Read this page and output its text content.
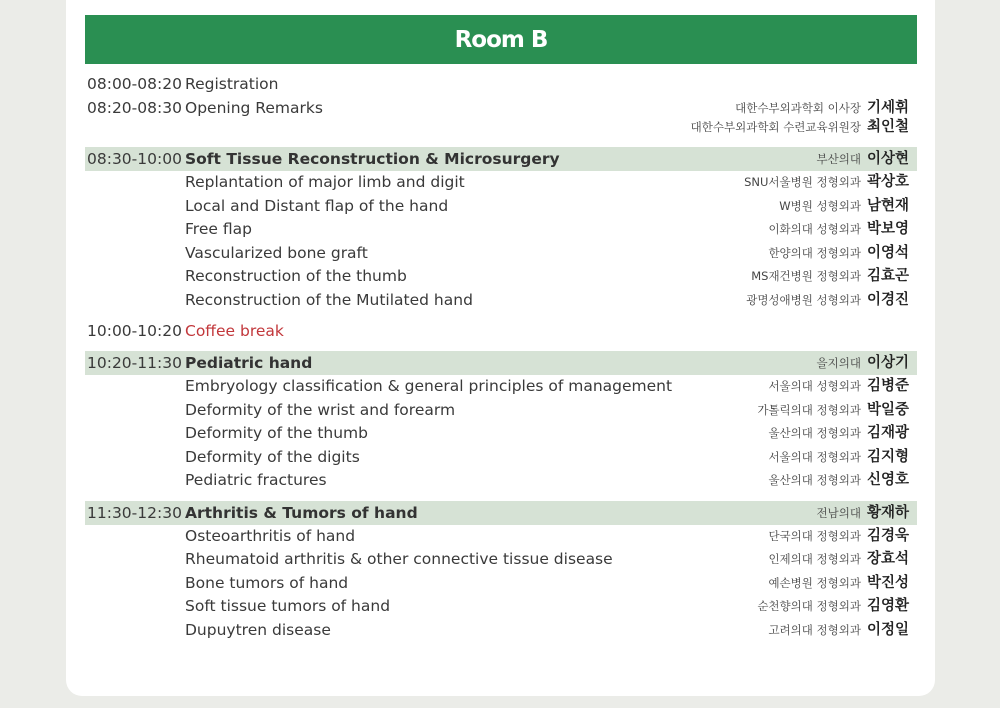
Room B
08:00-08:20 Registration
08:20-08:30 Opening Remarks	대한수부외과학회 이사장 기세휘
대한수부외과학회 수련교육위원장 최인철
08:30-10:00 Soft Tissue Reconstruction & Microsurgery	부산의대 이상현
Replantation of major limb and digit	SNU서울병원 정형외과 곽상호
Local and Distant flap of the hand	W병원 성형외과 남현재
Free flap	이화의대 성형외과 박보영
Vascularized bone graft	한양의대 정형외과 이영석
Reconstruction of the thumb	MS재건병원 정형외과 김효곤
Reconstruction of the Mutilated hand	광명성애병원 성형외과 이경진
10:00-10:20 Coffee break
10:20-11:30 Pediatric hand	을지의대 이상기
Embryology classification & general principles of management	서울의대 성형외과 김병준
Deformity of the wrist and forearm	가톨릭의대 정형외과 박일중
Deformity of the thumb	울산의대 정형외과 김재광
Deformity of the digits	서울의대 정형외과 김지형
Pediatric fractures	울산의대 정형외과 신영호
11:30-12:30 Arthritis & Tumors of hand	전남의대 황재하
Osteoarthritis of hand	단국의대 정형외과 김경욱
Rheumatoid arthritis & other connective tissue disease	인제의대 정형외과 장효석
Bone tumors of hand	예손병원 정형외과 박진성
Soft tissue tumors of hand	순천향의대 정형외과 김영환
Dupuytren disease	고려의대 정형외과 이정일
